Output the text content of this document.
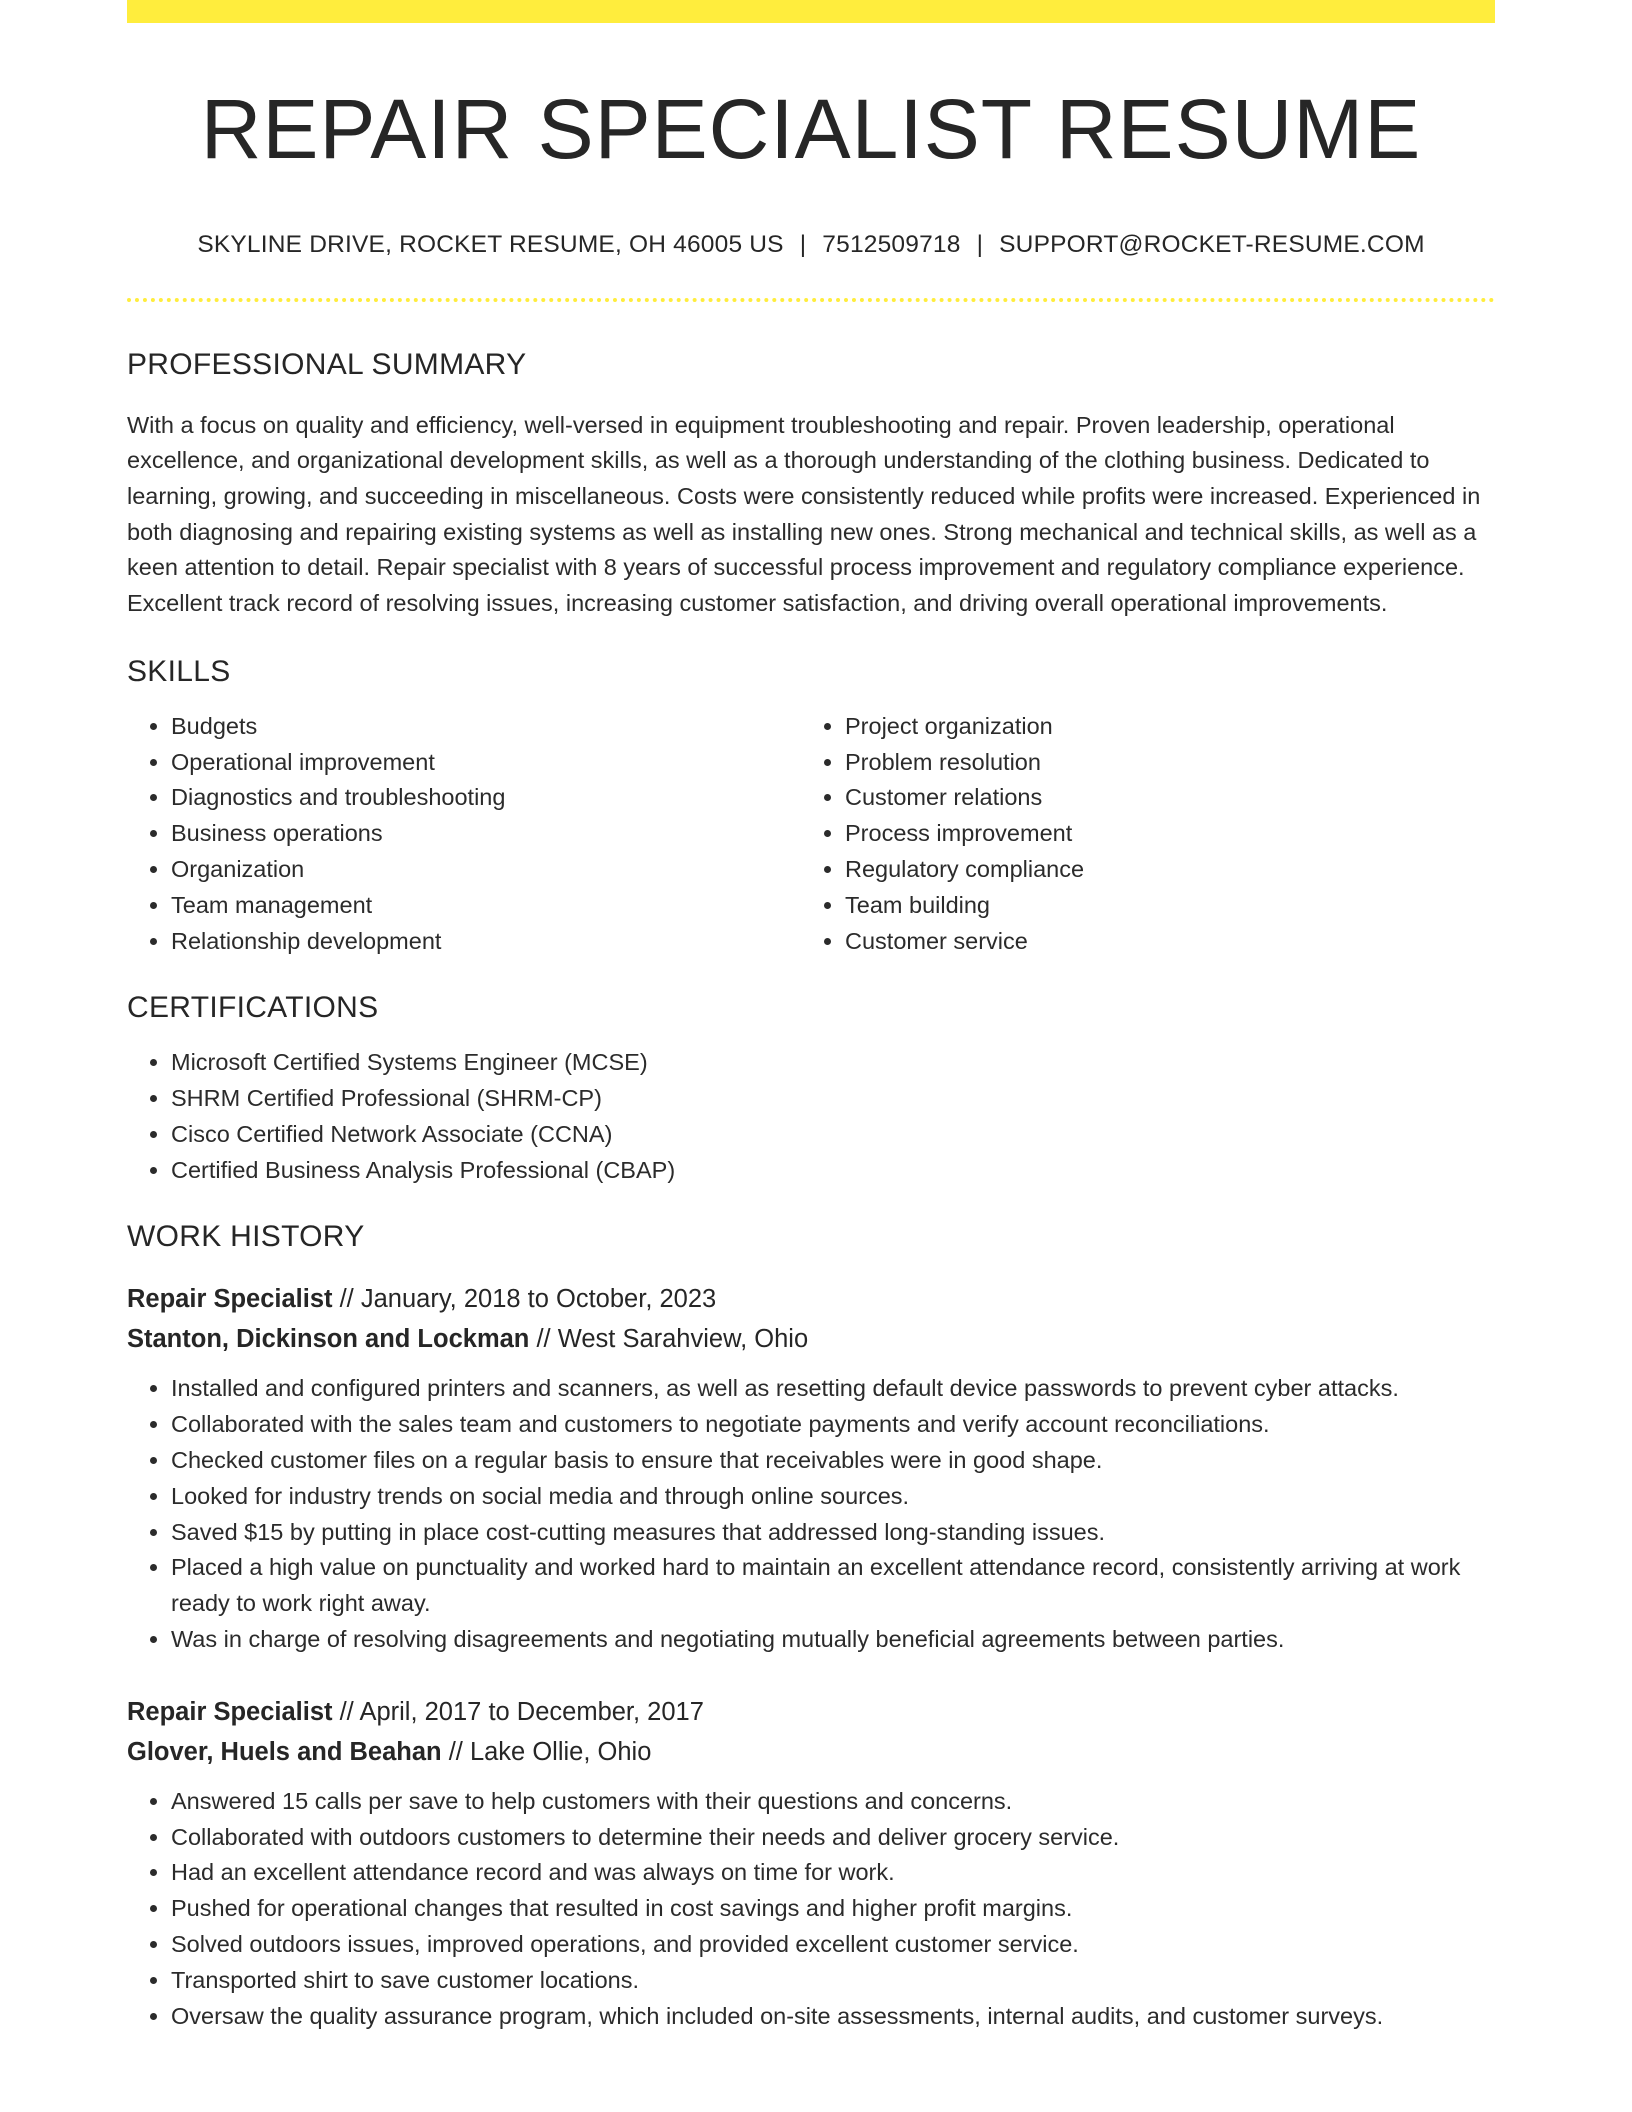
REPAIR SPECIALIST RESUME
SKYLINE DRIVE, ROCKET RESUME, OH 46005 US | 7512509718 | SUPPORT@ROCKET-RESUME.COM
PROFESSIONAL SUMMARY
With a focus on quality and efficiency, well-versed in equipment troubleshooting and repair. Proven leadership, operational excellence, and organizational development skills, as well as a thorough understanding of the clothing business. Dedicated to learning, growing, and succeeding in miscellaneous. Costs were consistently reduced while profits were increased. Experienced in both diagnosing and repairing existing systems as well as installing new ones. Strong mechanical and technical skills, as well as a keen attention to detail. Repair specialist with 8 years of successful process improvement and regulatory compliance experience. Excellent track record of resolving issues, increasing customer satisfaction, and driving overall operational improvements.
SKILLS
• Budgets
• Operational improvement
• Diagnostics and troubleshooting
• Business operations
• Organization
• Team management
• Relationship development
• Project organization
• Problem resolution
• Customer relations
• Process improvement
• Regulatory compliance
• Team building
• Customer service
CERTIFICATIONS
• Microsoft Certified Systems Engineer (MCSE)
• SHRM Certified Professional (SHRM-CP)
• Cisco Certified Network Associate (CCNA)
• Certified Business Analysis Professional (CBAP)
WORK HISTORY
Repair Specialist // January, 2018 to October, 2023
Stanton, Dickinson and Lockman // West Sarahview, Ohio
• Installed and configured printers and scanners, as well as resetting default device passwords to prevent cyber attacks.
• Collaborated with the sales team and customers to negotiate payments and verify account reconciliations.
• Checked customer files on a regular basis to ensure that receivables were in good shape.
• Looked for industry trends on social media and through online sources.
• Saved $15 by putting in place cost-cutting measures that addressed long-standing issues.
• Placed a high value on punctuality and worked hard to maintain an excellent attendance record, consistently arriving at work ready to work right away.
• Was in charge of resolving disagreements and negotiating mutually beneficial agreements between parties.
Repair Specialist // April, 2017 to December, 2017
Glover, Huels and Beahan // Lake Ollie, Ohio
• Answered 15 calls per save to help customers with their questions and concerns.
• Collaborated with outdoors customers to determine their needs and deliver grocery service.
• Had an excellent attendance record and was always on time for work.
• Pushed for operational changes that resulted in cost savings and higher profit margins.
• Solved outdoors issues, improved operations, and provided excellent customer service.
• Transported shirt to save customer locations.
• Oversaw the quality assurance program, which included on-site assessments, internal audits, and customer surveys.
